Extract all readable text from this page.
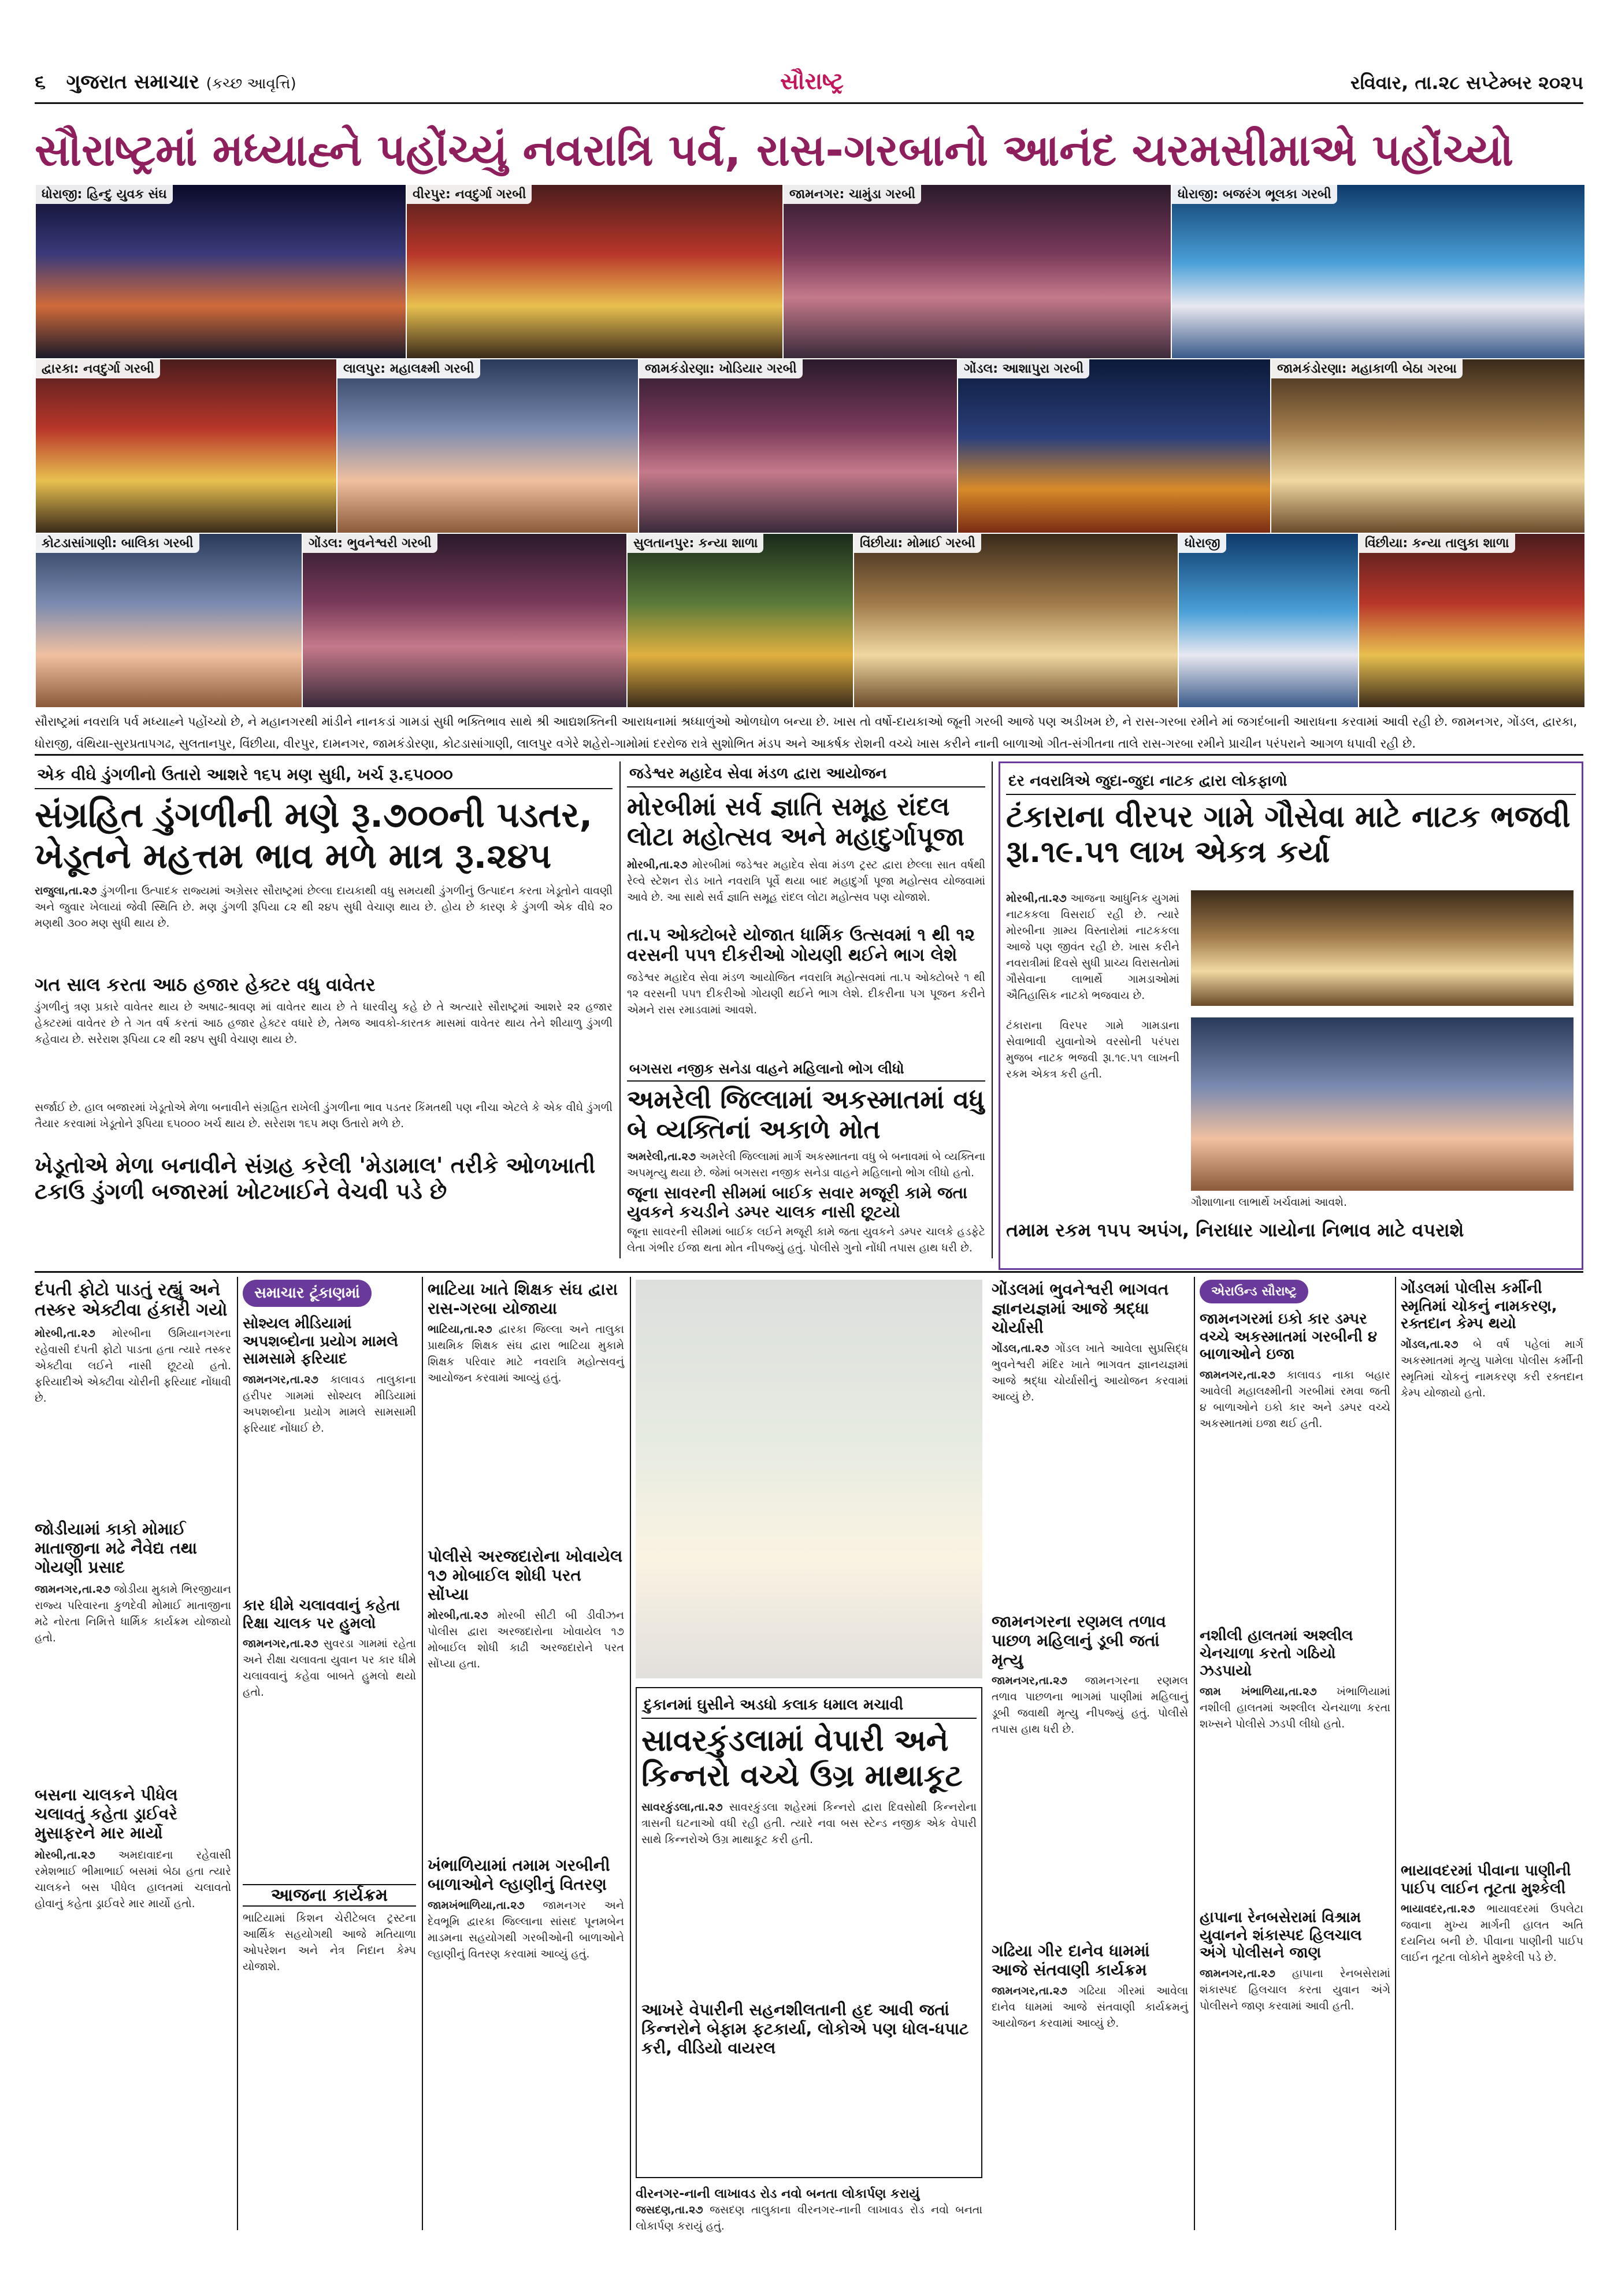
૬ ગુજરાત સમાચાર (કચ્છ આવૃત્તિ)	સૌરાષ્ટ્ર	રવિવાર, તા.૨૮ સપ્ટેમ્બર ૨૦૨૫
સૌરાષ્ટ્રમાં મધ્યાહ્ને પહોંચ્યું નવરાત્રિ પર્વ, રાસ-ગરબાનો આનંદ ચરમસીમાએ પહોંચ્યો
ધોરાજી: હિન્દુ યુવક સંઘ	વીરપુર: નવદુર્ગા ગરબી	જામનગર: ચામુંડા ગરબી	ધોરાજી: બજરંગ ભૂલકા ગરબી
દ્વારકા: નવદુર્ગા ગરબી	લાલપુર: મહાલક્ષ્મી ગરબી	જામકંડોરણા: ખોડિયાર ગરબી	ગોંડલ: આશાપુરા ગરબી	જામકંડોરણા: મહાકાળી બેઠા ગરબા
કોટડાસાંગાણી: બાલિકા ગરબી	ગોંડલ: ભુવનેશ્વરી ગરબી	સુલતાનપુર: કન્યા શાળા	વિંછીયા: મોમાઈ ગરબી	ધોરાજી	વિંછીયા: કન્યા તાલુકા શાળા
સૌરાષ્ટ્રમાં નવરાત્રિ પર્વ મધ્યાહ્ને પહોંચ્યો છે, ને મહાનગરથી માંડીને નાનકડાં ગામડાં સુધી ભક્તિભાવ સાથે શ્રી આદ્યશક્તિની આરાધનામાં શ્રધ્ધાળુંઓ ઓળઘોળ બન્યા છે. ખાસ તો વર્ષો-દાયકાઓ જૂની ગરબી આજે પણ અડીખમ છે, ને રાસ-ગરબા રમીને માં જગદંબાની આરાધના કરવામાં આવી રહી છે. જામનગર, ગોંડલ, દ્વારકા, ધોરાજી, વંથિયા-સુરપ્રતાપગઢ, સુલતાનપુર, વિંછીયા, વીરપુર, દામનગર, જામકંડોરણા, કોટડાસાંગાણી, લાલપુર વગેરે શહેરો-ગામોમાં દરરોજ રાત્રે સુશોભિત મંડપ અને આકર્ષક રોશની વચ્ચે ખાસ કરીને નાની બાળાઓ ગીત-સંગીતના તાલે રાસ-ગરબા રમીને પ્રાચીન પરંપરાને આગળ ધપાવી રહી છે.
એક વીઘે ડુંગળીનો ઉતારો આશરે ૧૬૫ મણ સુધી, ખર્ચ રૂ.૬૫૦૦૦
સંગ્રહિત ડુંગળીની મણે રૂ.૭૦૦ની પડતર, ખેડૂતને મહત્તમ ભાવ મળે માત્ર રૂ.૨૪૫
રાજુલા,તા.૨૭ ડુંગળીના ઉત્પાદક રાજ્યમાં અગ્રેસર સૌરાષ્ટ્રમાં છેલ્લા દાયકાથી વધુ સમયથી ડુંગળીનું ઉત્પાદન કરતા ખેડૂતોને વાવણી અને જુવાર ખેલાયાં જેવી સ્થિતિ છે. મણ ડુંગળી રૂપિયા ૮૨ થી ૨૪૫ સુધી વેચાણ થાય છે. હોય છે કારણ કે ડુંગળી એક વીઘે ૨૦ મણથી ૩૦૦ મણ સુધી થાય છે.
ગત સાલ કરતા આઠ હજાર હેક્ટર વધુ વાવેતર
ડુંગળીનું ત્રણ પ્રકારે વાવેતર થાય છે અષાઢ-શ્રાવણ માં વાવેતર થાય છે તે ધારવીયુ કહે છે તે અત્યારે સૌરાષ્ટ્રમાં આશરે ૨૨ હજાર હેક્ટરમાં વાવેતર છે તે ગત વર્ષ કરતાં આઠ હજાર હેક્ટર વધારે છે, તેમજ આવકો-કારતક માસમાં વાવેતર થાય તેને શીયાળુ ડુંગળી કહેવાય છે. સરેરાશ રૂપિયા ૮૨ થી ૨૪૫ સુધી વેચાણ થાય છે.
સર્જાઈ છે. હાલ બજારમાં ખેડૂતોએ મેળા બનાવીને સંગ્રહિત રાખેલી ડુંગળીના ભાવ પડતર કિંમતથી પણ નીચા એટલે કે એક વીઘે ડુંગળી તૈયાર કરવામાં ખેડૂતોને રૂપિયા ૬૫૦૦૦ ખર્ચ થાય છે. સરેરાશ ૧૬૫ મણ ઉતારો મળે છે.
ખેડૂતોએ મેળા બનાવીને સંગ્રહ કરેલી 'મેડામાલ' તરીકે ઓળખાતી ટકાઉ ડુંગળી બજારમાં ખોટખાઈને વેચવી પડે છે
જડેશ્વર મહાદેવ સેવા મંડળ દ્વારા આયોજન
મોરબીમાં સર્વ જ્ઞાતિ સમૂહ રાંદલ લોટા મહોત્સવ અને મહાદુર્ગાપૂજા
મોરબી,તા.૨૭ મોરબીમાં જડેશ્વર મહાદેવ સેવા મંડળ ટ્રસ્ટ દ્વારા છેલ્લા સાત વર્ષથી રેલ્વે સ્ટેશન રોડ ખાતે નવરાત્રિ પૂર્વે થયા બાદ મહાદુર્ગા પૂજા મહોત્સવ યોજવામાં આવે છે. આ સાથે સર્વ જ્ઞાતિ સમૂહ રાંદલ લોટા મહોત્સવ પણ યોજાશે.
તા.૫ ઓક્ટોબરે યોજાત ધાર્મિક ઉત્સવમાં ૧ થી ૧૨ વરસની ૫૫૧ દીકરીઓ ગોયણી થઈને ભાગ લેશે
જડેશ્વર મહાદેવ સેવા મંડળ આયોજિત નવરાત્રિ મહોત્સવમાં તા.૫ ઓક્ટોબરે ૧ થી ૧૨ વરસની ૫૫૧ દીકરીઓ ગોયણી થઈને ભાગ લેશે. દીકરીના પગ પૂજન કરીને એમને રાસ રમાડવામાં આવશે.
બગસરા નજીક સનેડા વાહને મહિલાનો ભોગ લીધો
અમરેલી જિલ્લામાં અકસ્માતમાં વધુ બે વ્યક્તિનાં અકાળે મોત
અમરેલી,તા.૨૭ અમરેલી જિલ્લામાં માર્ગ અકસ્માતના વધુ બે બનાવમાં બે વ્યક્તિના અપમૃત્યુ થયા છે. જેમાં બગસરા નજીક સનેડા વાહને મહિલાનો ભોગ લીધો હતો.
જૂના સાવરની સીમમાં બાઈક સવાર મજૂરી કામે જતા યુવકને કચડીને ડમ્પર ચાલક નાસી છૂટયો
જૂના સાવરની સીમમાં બાઈક લઈને મજૂરી કામે જતા યુવકને ડમ્પર ચાલકે હડફેટે લેતા ગંભીર ઈજા થતા મોત નીપજ્યું હતું. પોલીસે ગુનો નોંધી તપાસ હાથ ધરી છે.
દર નવરાત્રિએ જુદા-જુદા નાટક દ્વારા લોકફાળો
ટંકારાના વીરપર ગામે ગૌસેવા માટે નાટક ભજવી રૂા.૧૯.૫૧ લાખ એકત્ર કર્યા
મોરબી,તા.૨૭ આજના આધુનિક યુગમાં નાટકકલા વિસરાઈ રહી છે. ત્યારે મોરબીના ગ્રામ્ય વિસ્તારોમાં નાટકકલા આજે પણ જીવંત રહી છે. ખાસ કરીને નવરાત્રીમાં દિવસે સુધી પ્રાચ્ય વિરાસતોમાં ગૌસેવાના લાભાર્થે ગામડાઓમાં ઐતિહાસિક નાટકો ભજવાય છે.
ટંકારાના વિરપર ગામે ગામડાના સેવાભાવી યુવાનોએ વરસોની પરંપરા મુજબ નાટક ભજવી રૂા.૧૯.૫૧ લાખની રકમ એકત્ર કરી હતી.
ગૌશાળાના લાભાર્થે ખર્ચવામાં આવશે.
તમામ રકમ ૧૫૫ અપંગ, નિરાધાર ગાયોના નિભાવ માટે વપરાશે
દંપતી ફોટો પાડતું રહ્યું અને તસ્કર એક્ટીવા હંકારી ગયો
મોરબી,તા.૨૭ મોરબીના ઉમિયાનગરના રહેવાસી દંપતી ફોટો પાડતા હતા ત્યારે તસ્કર એક્ટીવા લઈને નાસી છૂટયો હતો. ફરિયાદીએ એક્ટીવા ચોરીની ફરિયાદ નોંધાવી છે.
જોડીયામાં કાકો મોમાઈ માતાજીના મઢે નૈવેદ્ય તથા ગોયણી પ્રસાદ
જામનગર,તા.૨૭ જોડીયા મુકામે ભિરજીયાન રાજ્ય પરિવારના કુળદેવી મોમાઈ માતાજીના મઢે નોરતા નિમિત્તે ધાર્મિક કાર્યક્રમ યોજાયો હતો.
બસના ચાલકને પીધેલ ચલાવતું કહેતા ડ્રાઈવરે મુસાફરને માર માર્યો
મોરબી,તા.૨૭ અમદાવાદના રહેવાસી રમેશભાઈ ભીમાભાઈ બસમાં બેઠા હતા ત્યારે ચાલકને બસ પીધેલ હાલતમાં ચલાવતો હોવાનું કહેતા ડ્રાઈવરે માર માર્યો હતો.
સમાચાર ટૂંકાણમાં
સોશ્યલ મીડિયામાં અપશબ્દોના પ્રયોગ મામલે સામસામે ફરિયાદ
જામનગર,તા.૨૭ કાલાવડ તાલુકાના હરીપર ગામમાં સોશ્યલ મીડિયામાં અપશબ્દોના પ્રયોગ મામલે સામસામી ફરિયાદ નોંધાઈ છે.
કાર ધીમે ચલાવવાનું કહેતા રિક્ષા ચાલક પર હુમલો
જામનગર,તા.૨૭ સુવરડા ગામમાં રહેતા અને રીક્ષા ચલાવતા યુવાન પર કાર ધીમે ચલાવવાનું કહેવા બાબતે હુમલો થયો હતો.
આજના કાર્યક્રમ
ભાટિયામાં કિશન ચેરીટેબલ ટ્રસ્ટના આર્થિક સહયોગથી આજે મતિયાળા ઓપરેશન અને નેત્ર નિદાન કેમ્પ યોજાશે.
ભાટિયા ખાતે શિક્ષક સંઘ દ્વારા રાસ-ગરબા યોજાયા
ભાટિયા,તા.૨૭ દ્વારકા જિલ્લા અને તાલુકા પ્રાથમિક શિક્ષક સંઘ દ્વારા ભાટિયા મુકામે શિક્ષક પરિવાર માટે નવરાત્રિ મહોત્સવનું આયોજન કરવામાં આવ્યું હતું.
પોલીસે અરજદારોના ખોવાયેલ ૧૭ મોબાઈલ શોધી પરત સોંપ્યા
મોરબી,તા.૨૭ મોરબી સીટી બી ડીવીઝન પોલીસ દ્વારા અરજદારોના ખોવાયેલ ૧૭ મોબાઈલ શોધી કાઢી અરજદારોને પરત સોંપ્યા હતા.
ખંભાળિયામાં તમામ ગરબીની બાળાઓને લ્હાણીનું વિતરણ
જામખંભાળિયા,તા.૨૭ જામનગર અને દેવભૂમિ દ્વારકા જિલ્લાના સાંસદ પૂનમબેન માડમના સહયોગથી ગરબીઓની બાળાઓને લ્હાણીનું વિતરણ કરવામાં આવ્યું હતું.
દુકાનમાં ઘુસીને અડધો કલાક ધમાલ મચાવી
સાવરકુંડલામાં વેપારી અને કિન્નરો વચ્ચે ઉગ્ર માથાકૂટ
સાવરકુંડલા,તા.૨૭ સાવરકુંડલા શહેરમાં કિન્નરો દ્વારા દિવસોથી કિન્નરોના ત્રાસની ઘટનાઓ વધી રહી હતી. ત્યારે નવા બસ સ્ટેન્ડ નજીક એક વેપારી સાથે કિન્નરોએ ઉગ્ર માથાકૂટ કરી હતી.
આખરે વેપારીની સહનશીલતાની હદ આવી જતાં કિન્નરોને બેફામ ફટકાર્યા, લોકોએ પણ ધોલ-ધપાટ કરી, વીડિયો વાયરલ
ગોંડલમાં ભુવનેશ્વરી ભાગવત જ્ઞાનયજ્ઞમાં આજે શ્રદ્ધા ચોર્યાસી
ગોંડલ,તા.૨૭ ગોંડલ ખાતે આવેલા સુપ્રસિદ્ધ ભુવનેશ્વરી મંદિર ખાતે ભાગવત જ્ઞાનયજ્ઞમાં આજે શ્રદ્ધા ચોર્યાસીનું આયોજન કરવામાં આવ્યું છે.
જામનગરના રણમલ તળાવ પાછળ મહિલાનું ડૂબી જતાં મૃત્યુ
જામનગર,તા.૨૭ જામનગરના રણમલ તળાવ પાછળના ભાગમાં પાણીમાં મહિલાનું ડૂબી જવાથી મૃત્યુ નીપજ્યું હતું. પોલીસે તપાસ હાથ ધરી છે.
ગઢિયા ગીર દાનેવ ધામમાં આજે સંતવાણી કાર્યક્રમ
જામનગર,તા.૨૭ ગઢિયા ગીરમાં આવેલા દાનેવ ધામમાં આજે સંતવાણી કાર્યક્રમનું આયોજન કરવામાં આવ્યું છે.
વીરનગર-નાની લાખાવડ રોડ નવો બનતા લોકાર્પણ કરાયું
જસદણ,તા.૨૭ જસદણ તાલુકાના વીરનગર-નાની લાખાવડ રોડ નવો બનતા લોકાર્પણ કરાયું હતું.
એરાઉન્ડ સૌરાષ્ટ્ર
જામનગરમાં ઇકો કાર ડમ્પર વચ્ચે અકસ્માતમાં ગરબીની ૪ બાળાઓને ઇજા
જામનગર,તા.૨૭ કાલાવડ નાકા બહાર આવેલી મહાલક્ષ્મીની ગરબીમાં રમવા જતી ૪ બાળાઓને ઇકો કાર અને ડમ્પર વચ્ચે અકસ્માતમાં ઇજા થઈ હતી.
નશીલી હાલતમાં અશ્લીલ ચેનચાળા કરતો ગઠિયો ઝડપાયો
જામ ખંભાળિયા,તા.૨૭ ખંભાળિયામાં નશીલી હાલતમાં અશ્લીલ ચેનચાળા કરતા શખ્સને પોલીસે ઝડપી લીધો હતો.
હાપાના રેનબસેરામાં વિશ્રામ યુવાનને શંકાસ્પદ હિલચાલ અંગે પોલીસને જાણ
જામનગર,તા.૨૭ હાપાના રેનબસેરામાં શંકાસ્પદ હિલચાલ કરતા યુવાન અંગે પોલીસને જાણ કરવામાં આવી હતી.
ગોંડલમાં પોલીસ કર્મીની સ્મૃતિમાં ચોકનું નામકરણ, રક્તદાન કેમ્પ થયો
ગોંડલ,તા.૨૭ બે વર્ષ પહેલાં માર્ગ અકસ્માતમાં મૃત્યુ પામેલા પોલીસ કર્મીની સ્મૃતિમાં ચોકનું નામકરણ કરી રક્તદાન કેમ્પ યોજાયો હતો.
ભાયાવદરમાં પીવાના પાણીની પાઈપ લાઈન તૂટતા મુશ્કેલી
ભાયાવદર,તા.૨૭ ભાયાવદરમાં ઉપલેટા જવાના મુખ્ય માર્ગની હાલત અતિ દયનિય બની છે. પીવાના પાણીની પાઈપ લાઈન તૂટતા લોકોને મુશ્કેલી પડે છે.
